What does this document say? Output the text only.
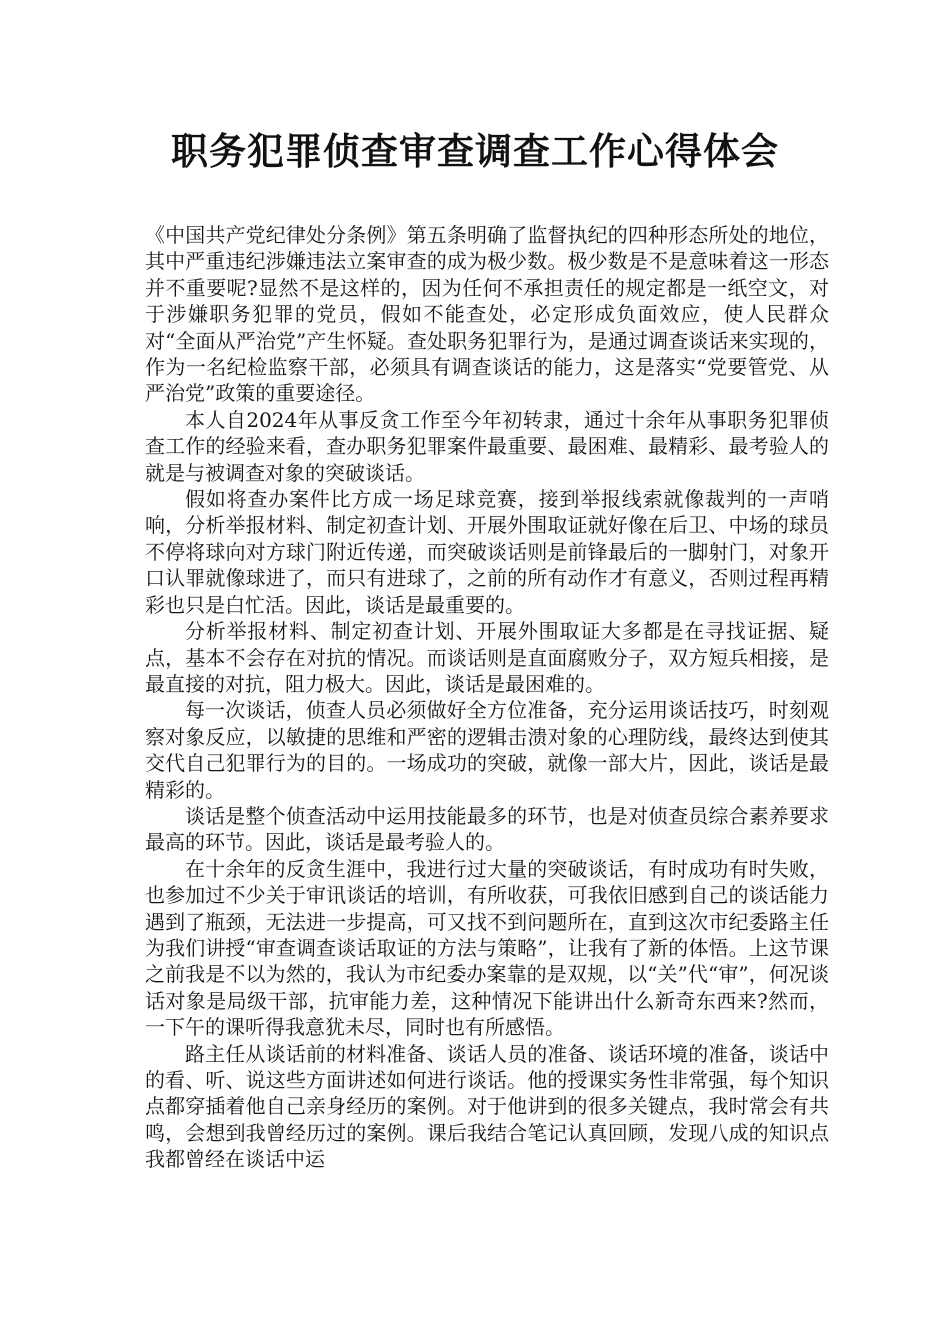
职务犯罪侦查审查调查工作心得体会

《中国共产党纪律处分条例》第五条明确了监督执纪的四种形态所处的地位，其中严重违纪涉嫌违法立案审查的成为极少数。极少数是不是意味着这一形态并不重要呢?显然不是这样的，因为任何不承担责任的规定都是一纸空文，对于涉嫌职务犯罪的党员，假如不能查处，必定形成负面效应，使人民群众对“全面从严治党”产生怀疑。查处职务犯罪行为，是通过调查谈话来实现的，作为一名纪检监察干部，必须具有调查谈话的能力，这是落实“党要管党、从严治党”政策的重要途径。

本人自2024年从事反贪工作至今年初转隶，通过十余年从事职务犯罪侦查工作的经验来看，查办职务犯罪案件最重要、最困难、最精彩、最考验人的就是与被调查对象的突破谈话。

假如将查办案件比方成一场足球竞赛，接到举报线索就像裁判的一声哨响，分析举报材料、制定初查计划、开展外围取证就好像在后卫、中场的球员不停将球向对方球门附近传递，而突破谈话则是前锋最后的一脚射门，对象开口认罪就像球进了，而只有进球了，之前的所有动作才有意义，否则过程再精彩也只是白忙活。因此，谈话是最重要的。

分析举报材料、制定初查计划、开展外围取证大多都是在寻找证据、疑点，基本不会存在对抗的情况。而谈话则是直面腐败分子，双方短兵相接，是最直接的对抗，阻力极大。因此，谈话是最困难的。

每一次谈话，侦查人员必须做好全方位准备，充分运用谈话技巧，时刻观察对象反应，以敏捷的思维和严密的逻辑击溃对象的心理防线，最终达到使其交代自己犯罪行为的目的。一场成功的突破，就像一部大片，因此，谈话是最精彩的。

谈话是整个侦查活动中运用技能最多的环节，也是对侦查员综合素养要求最高的环节。因此，谈话是最考验人的。

在十余年的反贪生涯中，我进行过大量的突破谈话，有时成功有时失败，也参加过不少关于审讯谈话的培训，有所收获，可我依旧感到自己的谈话能力遇到了瓶颈，无法进一步提高，可又找不到问题所在，直到这次市纪委路主任为我们讲授“审查调查谈话取证的方法与策略”，让我有了新的体悟。上这节课之前我是不以为然的，我认为市纪委办案靠的是双规，以“关”代“审”，何况谈话对象是局级干部，抗审能力差，这种情况下能讲出什么新奇东西来?然而，一下午的课听得我意犹未尽，同时也有所感悟。

路主任从谈话前的材料准备、谈话人员的准备、谈话环境的准备，谈话中的看、听、说这些方面讲述如何进行谈话。他的授课实务性非常强，每个知识点都穿插着他自己亲身经历的案例。对于他讲到的很多关键点，我时常会有共鸣，会想到我曾经历过的案例。课后我结合笔记认真回顾，发现八成的知识点我都曾经在谈话中运
